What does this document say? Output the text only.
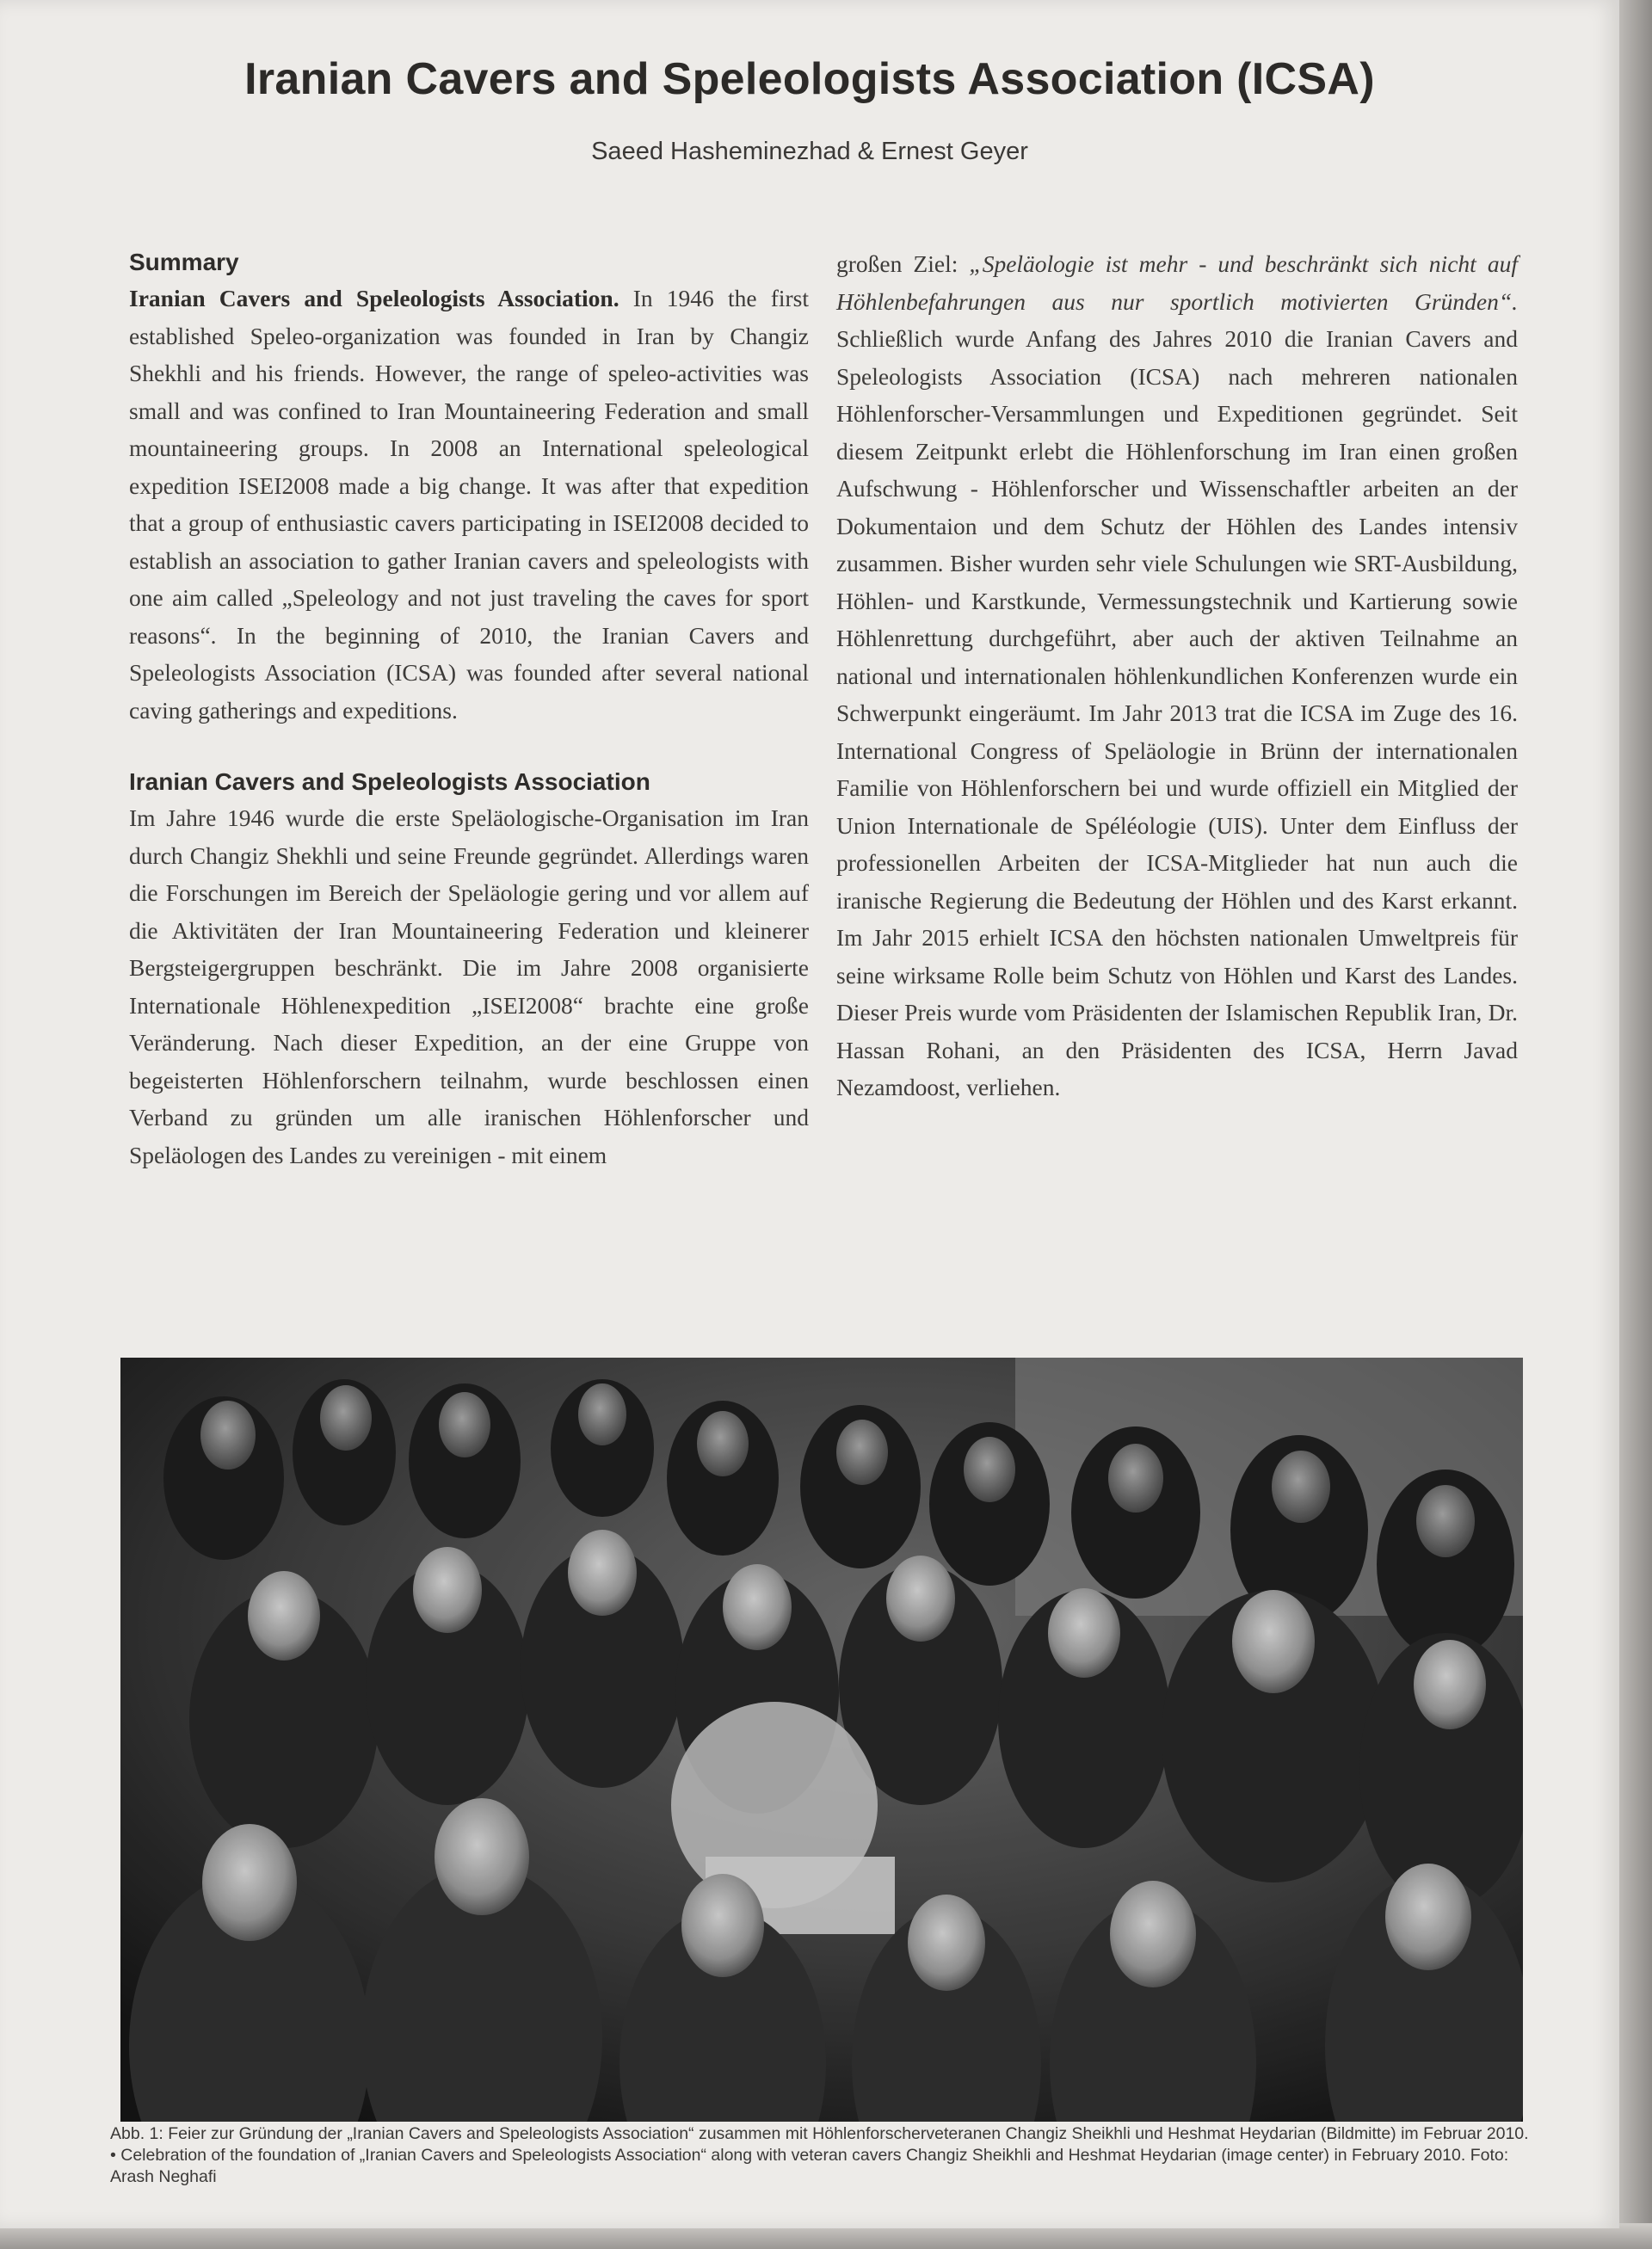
Iranian Cavers and Speleologists Association (ICSA)
Saeed Hasheminezhad & Ernest Geyer
Summary
Iranian Cavers and Speleologists Association. In 1946 the first established Speleo-organization was founded in Iran by Changiz Shekhli and his friends. However, the range of speleo-activities was small and was confined to Iran Mountaineering Federation and small mountaineering groups. In 2008 an International speleological expedition ISEI2008 made a big change. It was after that expedition that a group of enthusiastic cavers participating in ISEI2008 decided to establish an association to gather Iranian cavers and speleologists with one aim called „Speleology and not just traveling the caves for sport reasons“. In the beginning of 2010, the Iranian Cavers and Speleologists Association (ICSA) was founded after several national caving gatherings and expeditions.
Iranian Cavers and Speleologists Association
Im Jahre 1946 wurde die erste Speläologische-Organisation im Iran durch Changiz Shekhli und seine Freunde gegründet. Allerdings waren die Forschungen im Bereich der Speläologie gering und vor allem auf die Aktivitäten der Iran Mountaineering Federation und kleinerer Bergsteigergruppen beschränkt. Die im Jahre 2008 organisierte Internationale Höhlenexpedition „ISEI2008“ brachte eine große Veränderung. Nach dieser Expedition, an der eine Gruppe von begeisterten Höhlenforschern teilnahm, wurde beschlossen einen Verband zu gründen um alle iranischen Höhlenforscher und Speläologen des Landes zu vereinigen - mit einem
großen Ziel: „Speläologie ist mehr - und beschränkt sich nicht auf Höhlenbefahrungen aus nur sportlich motivierten Gründen“. Schließlich wurde Anfang des Jahres 2010 die Iranian Cavers and Speleologists Association (ICSA) nach mehreren nationalen Höhlenforscher-Versammlungen und Expeditionen gegründet. Seit diesem Zeitpunkt erlebt die Höhlenforschung im Iran einen großen Aufschwung - Höhlenforscher und Wissenschaftler arbeiten an der Dokumentaion und dem Schutz der Höhlen des Landes intensiv zusammen. Bisher wurden sehr viele Schulungen wie SRT-Ausbildung, Höhlen- und Karstkunde, Vermessungstechnik und Kartierung sowie Höhlenrettung durchgeführt, aber auch der aktiven Teilnahme an national und internationalen höhlenkundlichen Konferenzen wurde ein Schwerpunkt eingeräumt. Im Jahr 2013 trat die ICSA im Zuge des 16. International Congress of Speläologie in Brünn der internationalen Familie von Höhlenforschern bei und wurde offiziell ein Mitglied der Union Internationale de Spéléologie (UIS). Unter dem Einfluss der professionellen Arbeiten der ICSA-Mitglieder hat nun auch die iranische Regierung die Bedeutung der Höhlen und des Karst erkannt. Im Jahr 2015 erhielt ICSA den höchsten nationalen Umweltpreis für seine wirksame Rolle beim Schutz von Höhlen und Karst des Landes. Dieser Preis wurde vom Präsidenten der Islamischen Republik Iran, Dr. Hassan Rohani, an den Präsidenten des ICSA, Herrn Javad Nezamdoost, verliehen.
Abb. 1: Feier zur Gründung der „Iranian Cavers and Speleologists Association“ zusammen mit Höhlenforscherveteranen Changiz Sheikhli und Heshmat Heydarian (Bildmitte) im Februar 2010. • Celebration of the foundation of „Iranian Cavers and Speleologists Association“ along with veteran cavers Changiz Sheikhli and Heshmat Heydarian (image center) in February 2010. Foto: Arash Neghafi
